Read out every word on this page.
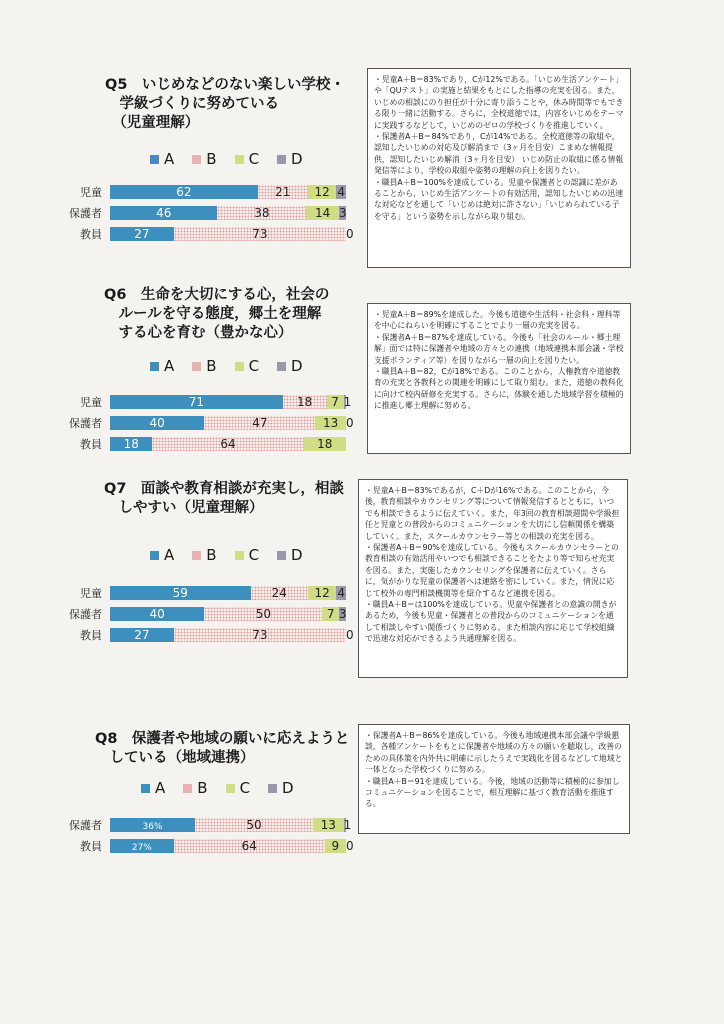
Q5　いじめなどのない楽しい学校・
　学級づくりに努めている
　（児童理解）
A B C D
児童	62	21	12 4
保護者	46	38	14 3
教員	27	73	0
・児童A＋B＝83%であり，Cが12%である。「いじめ生活アンケート」や「QUテスト」の実施と結果をもとにした指導の充実を図る。また，いじめの相談にのり担任が十分に寄り添うことや，休み時間等でもできる限り一緒に活動する。さらに，全校道徳では，内容をいじめをテーマに実践するなどして，いじめのゼロの学校づくりを推進していく。
・保護者A＋B＝84%であり，Cが14%である。全校道徳等の取組や，認知したいじめの対応及び解消まで（3ヶ月を目安）こまめな情報提供，認知したいじめ解消（3ヶ月を目安） いじめ防止の取組に係る情報発信等により，学校の取組や姿勢の理解の向上を図りたい。
・職員A＋B＝100%を達成している。児童や保護者との認識に差があることから，いじめ生活アンケートの有効活用，認知したいじめの迅速な対応などを通して「いじめは絶対に許さない」「いじめられている子を守る」という姿勢を示しながら取り組む。
Q6　生命を大切にする心，社会の
　ルールを守る態度，郷土を理解
　する心を育む（豊かな心）
A B C D
児童	71	18	7 1
保護者	40	47	13 0
教員	18	64	18
・児童A＋B＝89%を達成した。今後も道徳や生活科・社会科・理科等を中心にねらいを明確にすることでより一層の充実を図る。
・保護者A＋B＝87%を達成している。今後も「社会のルール・郷土理解」面では特に保護者や地域の方々との連携（地域連携本部会議・学校支援ボランティア等）を図りながら一層の向上を図りたい。
・職員A＋B＝82，Cが18%である。このことから，人権教育や道徳教育の充実と各教科との関連を明確にして取り組む。また，道徳の教科化に向けて校内研修を充実する。さらに，体験を通した地域学習を積極的に推進し郷土理解に努める。
Q7　面談や教育相談が充実し，相談
　しやすい（児童理解）
A B C D
児童	59	24	12 4
保護者	40	50	7 3
教員	27	73	0
・児童A＋B＝83%であるが，C＋Dが16%である。このことから，今後，教育相談やカウンセリング等について情報発信するとともに，いつでも相談できるように伝えていく。また，年3回の教育相談週間や学級担任と児童との普段からのコミュニケーションを大切にし信頼関係を構築していく。また，スクールカウンセラー等との相談の充実を図る。
・保護者A＋B＝90%を達成している。今後もスクールカウンセラーとの教育相談の有効活用やいつでも相談できることをたより等で知らせ充実を図る。また，実施したカウンセリングを保護者に伝えていく。さらに，気がかりな児童の保護者へは連絡を密にしていく。また，情況に応じて校外の専門相談機関等を紹介するなど連携を図る。
・職員A＋B＝は100%を達成している。児童や保護者との意識の開きがあるため，今後も児童・保護者との普段からのコミュニケーションを通して相談しやすい関係づくりに努める。また相談内容に応じて学校組織で迅速な対応ができるよう共通理解を図る。
Q8　保護者や地域の願いに応えようと
　している（地域連携）
A B C D
保護者	36%	50	13 1
教員	27%	64	9 0
・保護者A＋B＝86%を達成している。今後も地域連携本部会議や学級懇談，各種アンケートをもとに保護者や地域の方々の願いを聴取し，改善のための具体策を内外共に明確に示したうえで実践化を図るなどして地域と一体となった学校づくりに努める。
・職員A＋B＝91を達成している。今後，地域の活動等に積極的に参加しコミュニケーションを図ることで，相互理解に基づく教育活動を推進する。
